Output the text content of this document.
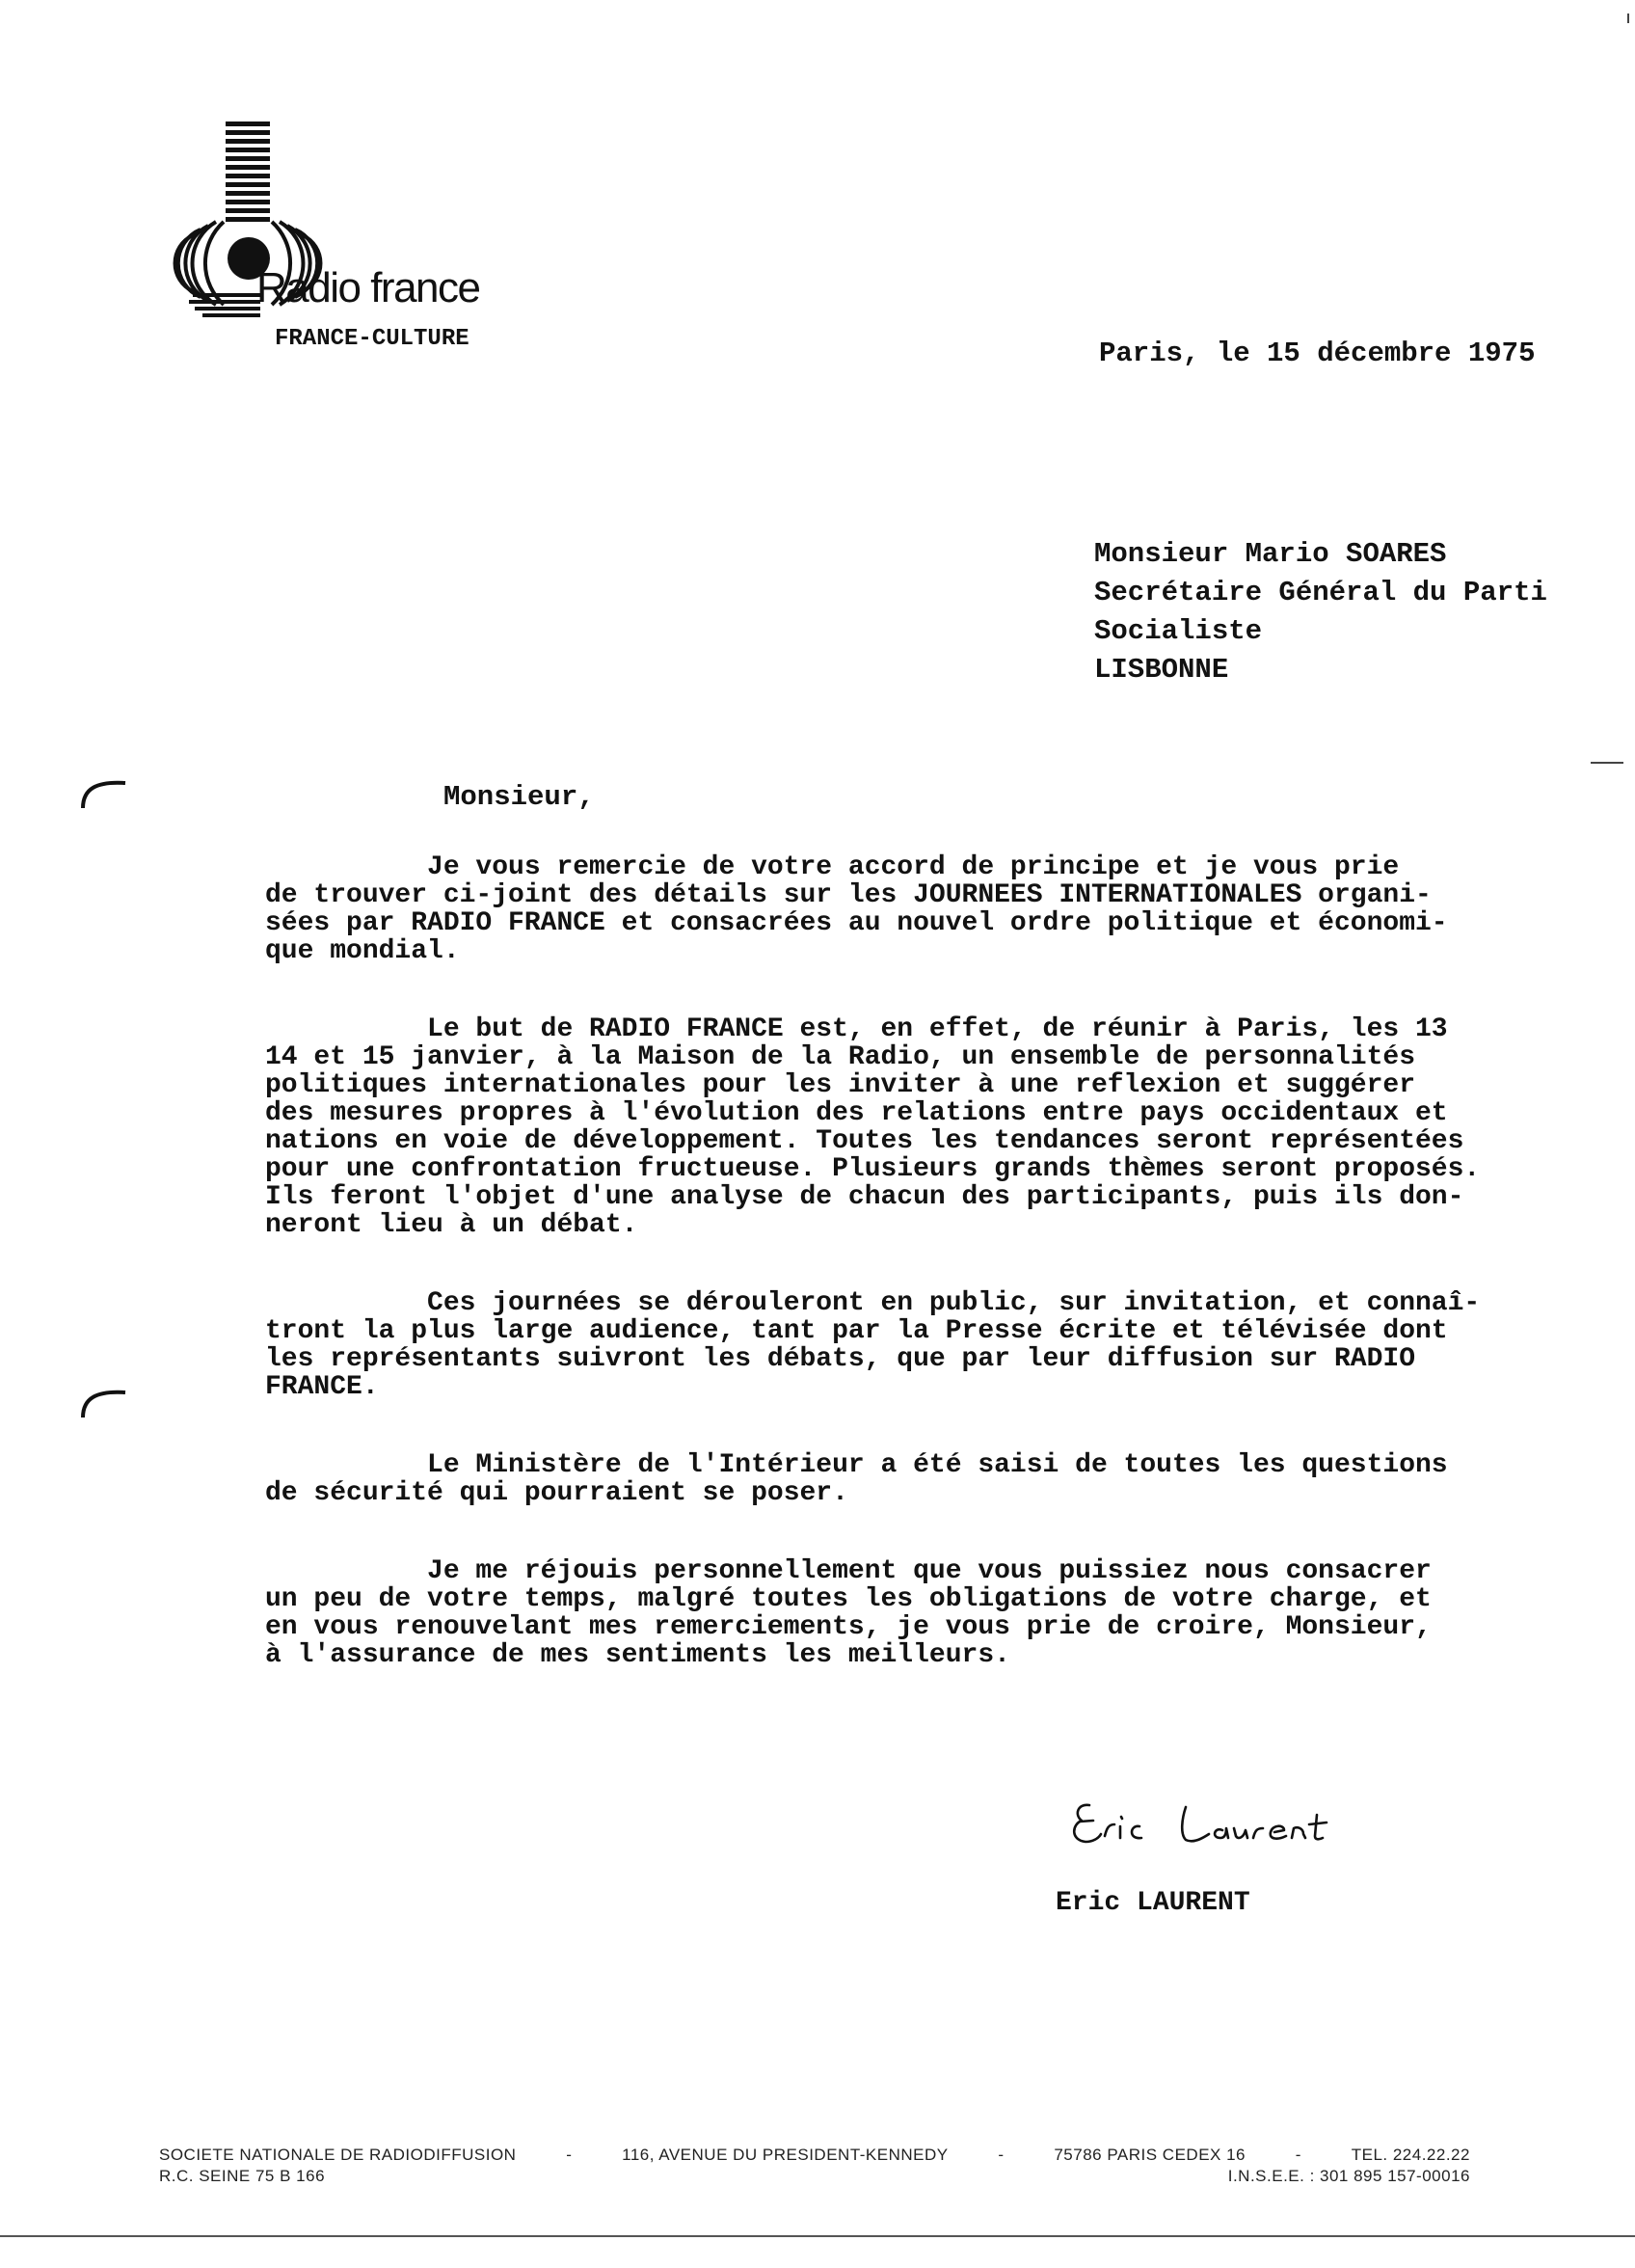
Radio france
FRANCE-CULTURE	Paris, le 15 décembre 1975
Monsieur Mario SOARES
Secrétaire Général du Parti
Socialiste
LISBONNE
Monsieur,
Je vous remercie de votre accord de principe et je vous prie
de trouver ci-joint des détails sur les JOURNEES INTERNATIONALES organi-
sées par RADIO FRANCE et consacrées au nouvel ordre politique et économi-
que mondial.
Le but de RADIO FRANCE est, en effet, de réunir à Paris, les 13
14 et 15 janvier, à la Maison de la Radio, un ensemble de personnalités
politiques internationales pour les inviter à une reflexion et suggérer
des mesures propres à l'évolution des relations entre pays occidentaux et
nations en voie de développement. Toutes les tendances seront représentées
pour une confrontation fructueuse. Plusieurs grands thèmes seront proposés.
Ils feront l'objet d'une analyse de chacun des participants, puis ils don-
neront lieu à un débat.
Ces journées se dérouleront en public, sur invitation, et connaî-
tront la plus large audience, tant par la Presse écrite et télévisée dont
les représentants suivront les débats, que par leur diffusion sur RADIO
FRANCE.
Le Ministère de l'Intérieur a été saisi de toutes les questions
de sécurité qui pourraient se poser.
Je me réjouis personnellement que vous puissiez nous consacrer
un peu de votre temps, malgré toutes les obligations de votre charge, et
en vous renouvelant mes remerciements, je vous prie de croire, Monsieur,
à l'assurance de mes sentiments les meilleurs.
Eric LAURENT
SOCIETE NATIONALE DE RADIODIFFUSION	-	116, AVENUE DU PRESIDENT-KENNEDY	-	75786 PARIS CEDEX 16	-	TEL. 224.22.22
R.C. SEINE 75 B 166	I.N.S.E.E. : 301 895 157-00016
